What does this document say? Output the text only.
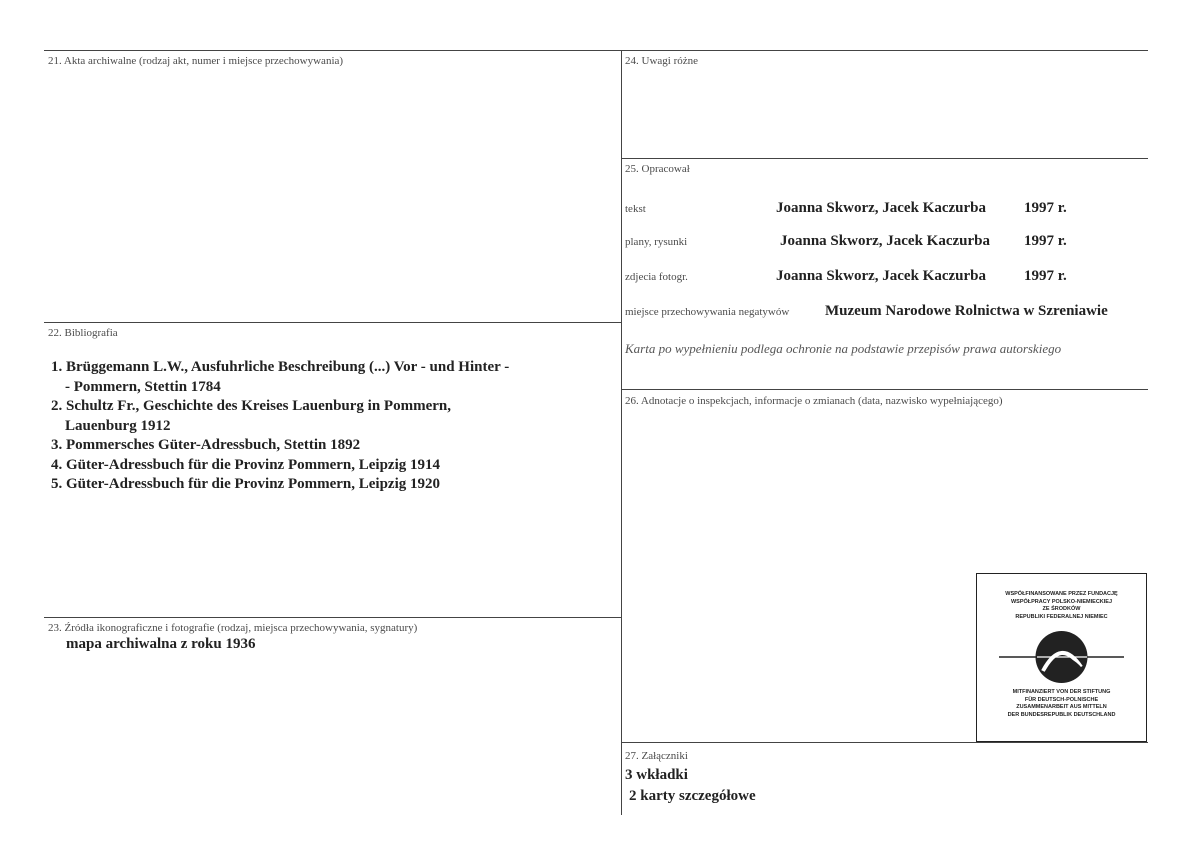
21. Akta archiwalne (rodzaj akt, numer i miejsce przechowywania)
22. Bibliografia
1. Brüggemann L.W., Ausfuhrliche Beschreibung (...) Vor - und Hinter -
- Pommern, Stettin 1784
2. Schultz Fr., Geschichte des Kreises Lauenburg in Pommern,
Lauenburg 1912
3. Pommersches Güter-Adressbuch, Stettin 1892
4. Güter-Adressbuch für die Provinz Pommern, Leipzig 1914
5. Güter-Adressbuch für die Provinz Pommern, Leipzig 1920
23. Źródła ikonograficzne i fotografie (rodzaj, miejsca przechowywania, sygnatury)
mapa archiwalna z roku 1936
24. Uwagi różne
25. Opracował
tekst	Joanna Skworz, Jacek Kaczurba	1997 r.
plany, rysunki	Joanna Skworz, Jacek Kaczurba 1997 r.
zdjecia fotogr.	Joanna Skworz, Jacek Kaczurba	1997 r.
miejsce przechowywania negatywów Muzeum Narodowe Rolnictwa w Szreniawie
Karta po wypełnieniu podlega ochronie na podstawie przepisów prawa autorskiego
26. Adnotacje o inspekcjach, informacje o zmianach (data, nazwisko wypełniającego)
WSPÓŁFINANSOWANE PRZEZ FUNDACJĘ
WSPÓŁPRACY POLSKO-NIEMIECKIEJ
ZE ŚRODKÓW
REPUBLIKI FEDERALNEJ NIEMIEC
MITFINANZIERT VON DER STIFTUNG
FÜR DEUTSCH-POLNISCHE
ZUSAMMENARBEIT AUS MITTELN
DER BUNDESREPUBLIK DEUTSCHLAND
27. Załączniki
3 wkładki
2 karty szczegółowe
